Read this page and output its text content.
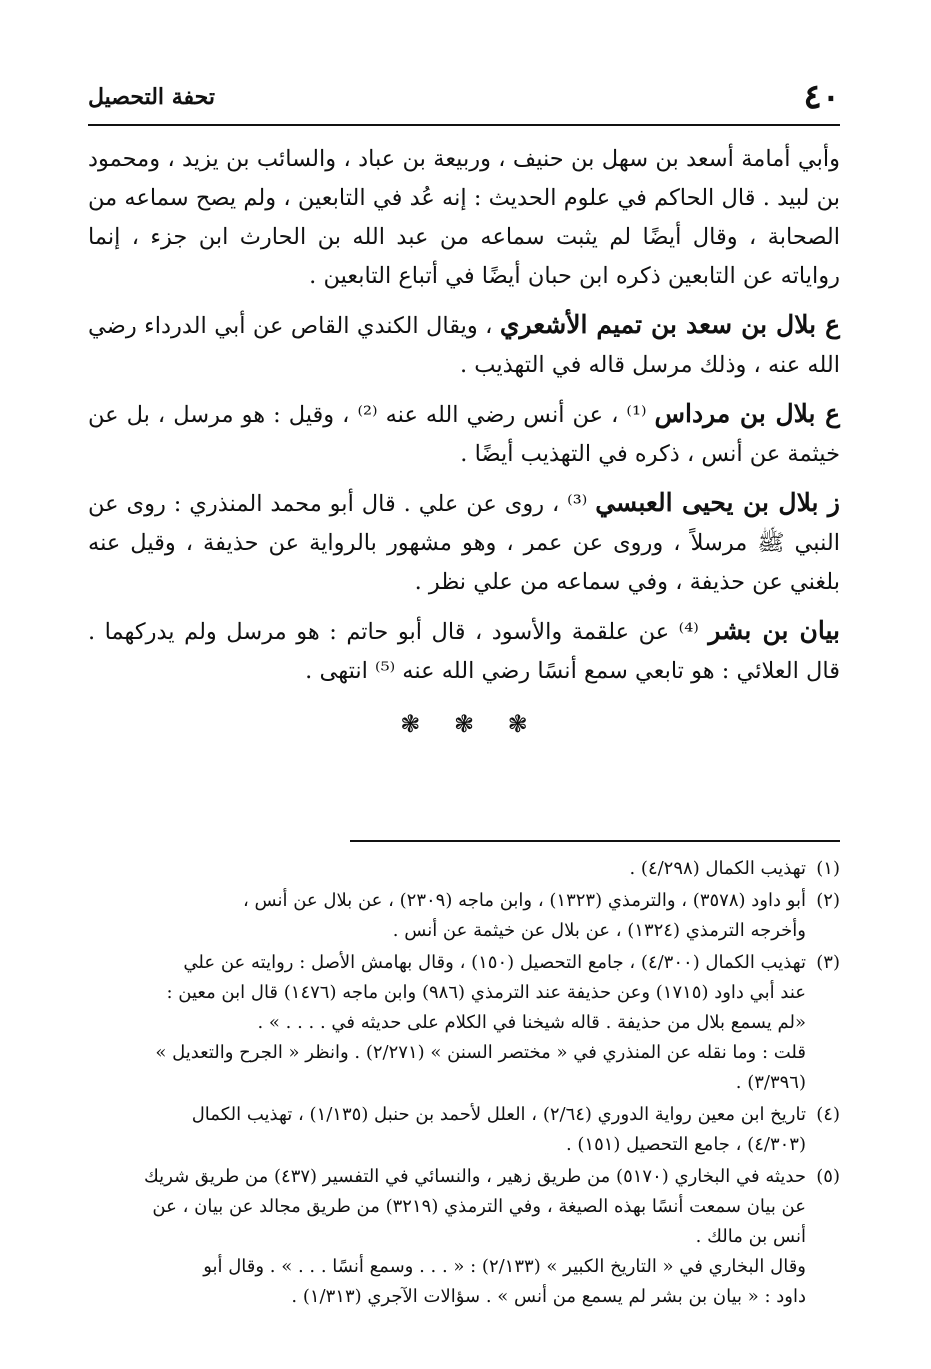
٤٠
تحفة التحصيل

وأبي أمامة أسعد بن سهل بن حنيف ، وربيعة بن عباد ، والسائب بن يزيد ، ومحمود بن لبيد . قال الحاكم في علوم الحديث : إنه عُد في التابعين ، ولم يصح سماعه من الصحابة ، وقال أيضًا لم يثبت سماعه من عبد الله بن الحارث ابن جزء ، إنما رواياته عن التابعين ذكره ابن حبان أيضًا في أتباع التابعين .

ع بلال بن سعد بن تميم الأشعري ، ويقال الكندي القاص عن أبي الدرداء رضي الله عنه ، وذلك مرسل قاله في التهذيب .

ع بلال بن مرداس ⁽¹⁾ ، عن أنس رضي الله عنه ⁽²⁾ ، وقيل : هو مرسل ، بل عن خيثمة عن أنس ، ذكره في التهذيب أيضًا .

ز بلال بن يحيى العبسي ⁽³⁾ ، روى عن علي . قال أبو محمد المنذري : روى عن النبي ﷺ مرسلاً ، وروى عن عمر ، وهو مشهور بالرواية عن حذيفة ، وقيل عنه بلغني عن حذيفة ، وفي سماعه من علي نظر .

بيان بن بشر ⁽⁴⁾ عن علقمة والأسود ، قال أبو حاتم : هو مرسل ولم يدركهما . قال العلائي : هو تابعي سمع أنسًا رضي الله عنه ⁽⁵⁾ انتهى .

❃ ❃ ❃

(١)
تهذيب الكمال (٤/٢٩٨) .
(٢)
أبو داود (٣٥٧٨) ، والترمذي (١٣٢٣) ، وابن ماجه (٢٣٠٩) ، عن بلال عن أنس ،
وأخرجه الترمذي (١٣٢٤) ، عن بلال عن خيثمة عن أنس .
(٣)
تهذيب الكمال (٤/٣٠٠) ، جامع التحصيل (١٥٠) ، وقال بهامش الأصل : روايته عن علي
عند أبي داود (١٧١٥) وعن حذيفة عند الترمذي (٩٨٦) وابن ماجه (١٤٧٦) قال ابن معين :
«لم يسمع بلال من حذيفة . قاله شيخنا في الكلام على حديثه في . . . . » .
قلت : وما نقله عن المنذري في « مختصر السنن » (٢/٢٧١) . وانظر « الجرح والتعديل »
(٣/٣٩٦) .
(٤)
تاريخ ابن معين رواية الدوري (٢/٦٤) ، العلل لأحمد بن حنبل (١/١٣٥) ، تهذيب الكمال
(٤/٣٠٣) ، جامع التحصيل (١٥١) .
(٥)
حديثه في البخاري (٥١٧٠) من طريق زهير ، والنسائي في التفسير (٤٣٧) من طريق شريك
عن بيان سمعت أنسًا بهذه الصيغة ، وفي الترمذي (٣٢١٩) من طريق مجالد عن بيان ، عن
أنس بن مالك .
وقال البخاري في « التاريخ الكبير » (٢/١٣٣) : « . . . وسمع أنسًا . . . » . وقال أبو
داود : « بيان بن بشر لم يسمع من أنس » . سؤالات الآجري (١/٣١٣) .
